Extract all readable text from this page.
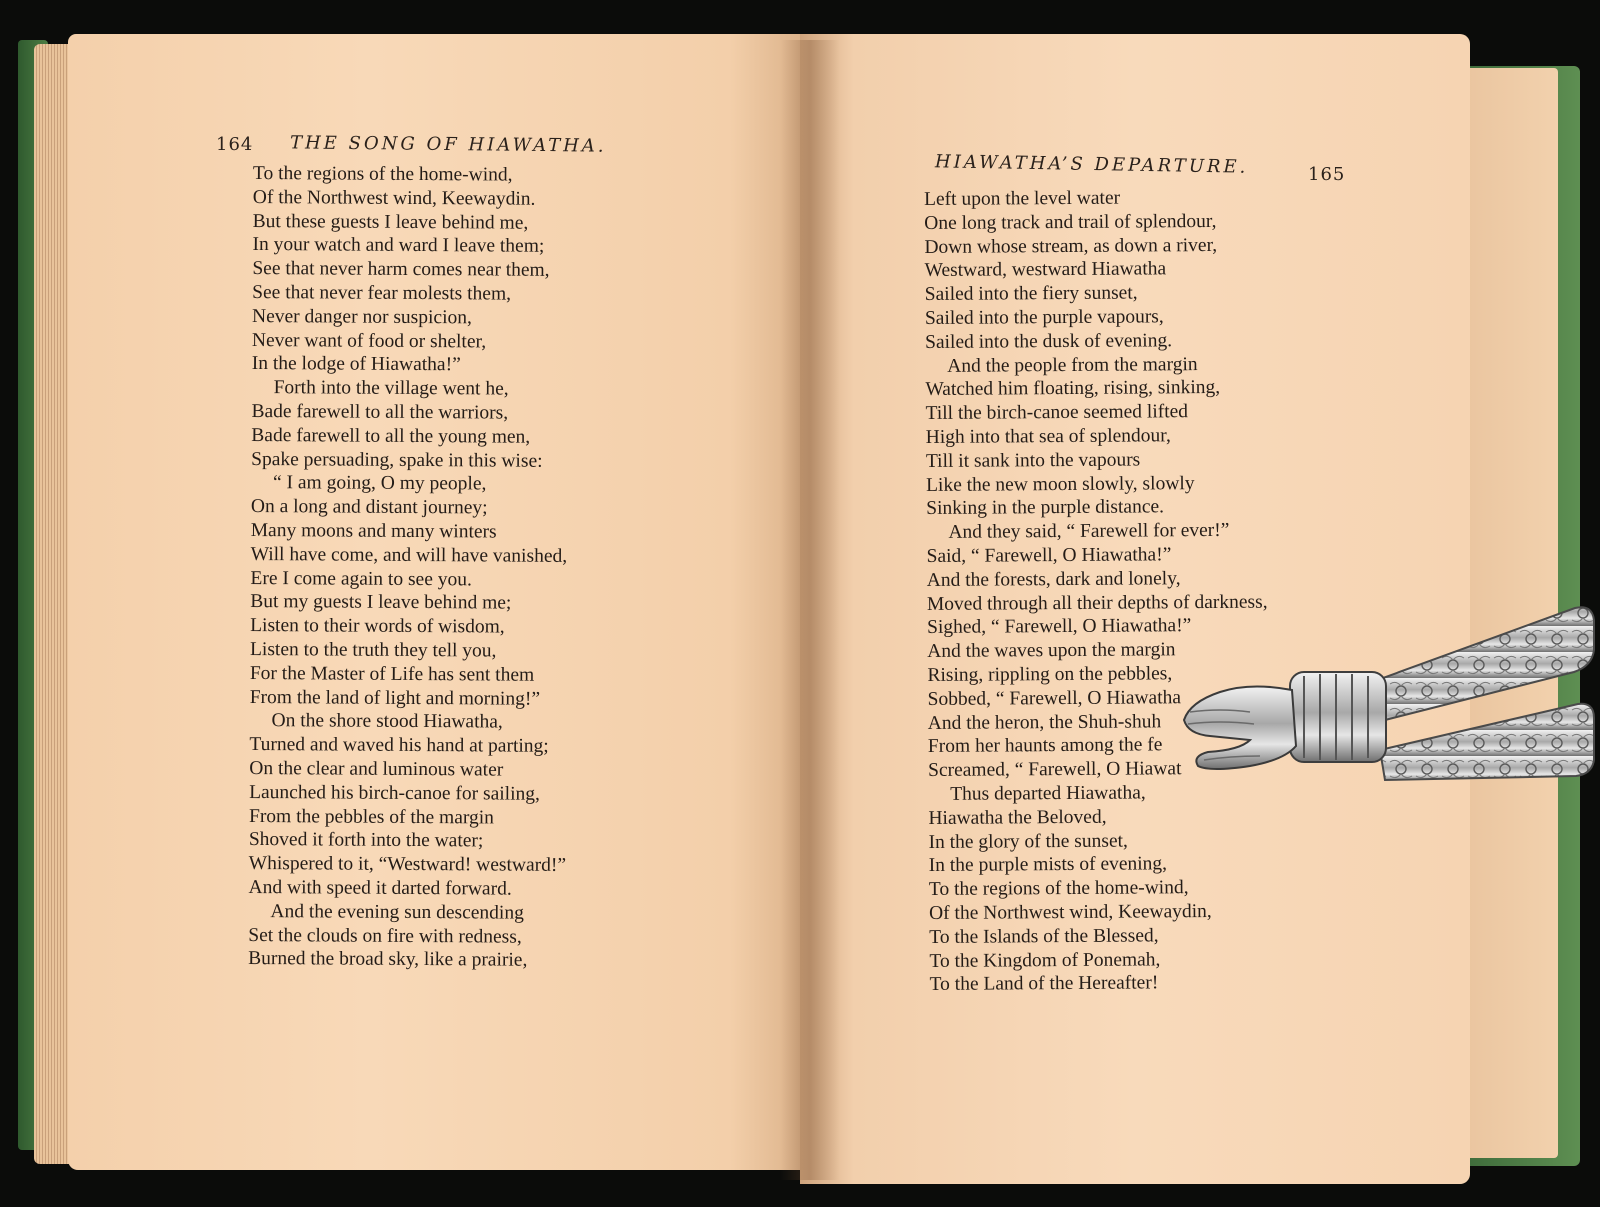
164 THE SONG OF HIAWATHA.
To the regions of the home-wind,
Of the Northwest wind, Keewaydin.
But these guests I leave behind me,
In your watch and ward I leave them;
See that never harm comes near them,
See that never fear molests them,
Never danger nor suspicion,
Never want of food or shelter,
In the lodge of Hiawatha!”
Forth into the village went he,
Bade farewell to all the warriors,
Bade farewell to all the young men,
Spake persuading, spake in this wise:
“ I am going, O my people,
On a long and distant journey;
Many moons and many winters
Will have come, and will have vanished,
Ere I come again to see you.
But my guests I leave behind me;
Listen to their words of wisdom,
Listen to the truth they tell you,
For the Master of Life has sent them
From the land of light and morning!”
On the shore stood Hiawatha,
Turned and waved his hand at parting;
On the clear and luminous water
Launched his birch-canoe for sailing,
From the pebbles of the margin
Shoved it forth into the water;
Whispered to it, “Westward! westward!”
And with speed it darted forward.
And the evening sun descending
Set the clouds on fire with redness,
Burned the broad sky, like a prairie,
HIAWATHA’S DEPARTURE.	165
Left upon the level water
One long track and trail of splendour,
Down whose stream, as down a river,
Westward, westward Hiawatha
Sailed into the fiery sunset,
Sailed into the purple vapours,
Sailed into the dusk of evening.
And the people from the margin
Watched him floating, rising, sinking,
Till the birch-canoe seemed lifted
High into that sea of splendour,
Till it sank into the vapours
Like the new moon slowly, slowly
Sinking in the purple distance.
And they said, “ Farewell for ever!”
Said, “ Farewell, O Hiawatha!”
And the forests, dark and lonely,
Moved through all their depths of darkness,
Sighed, “ Farewell, O Hiawatha!”
And the waves upon the margin
Rising, rippling on the pebbles,
Sobbed, “ Farewell, O Hiawatha
And the heron, the Shuh-shuh
From her haunts among the fe
Screamed, “ Farewell, O Hiawat
Thus departed Hiawatha,
Hiawatha the Beloved,
In the glory of the sunset,
In the purple mists of evening,
To the regions of the home-wind,
Of the Northwest wind, Keewaydin,
To the Islands of the Blessed,
To the Kingdom of Ponemah,
To the Land of the Hereafter!
